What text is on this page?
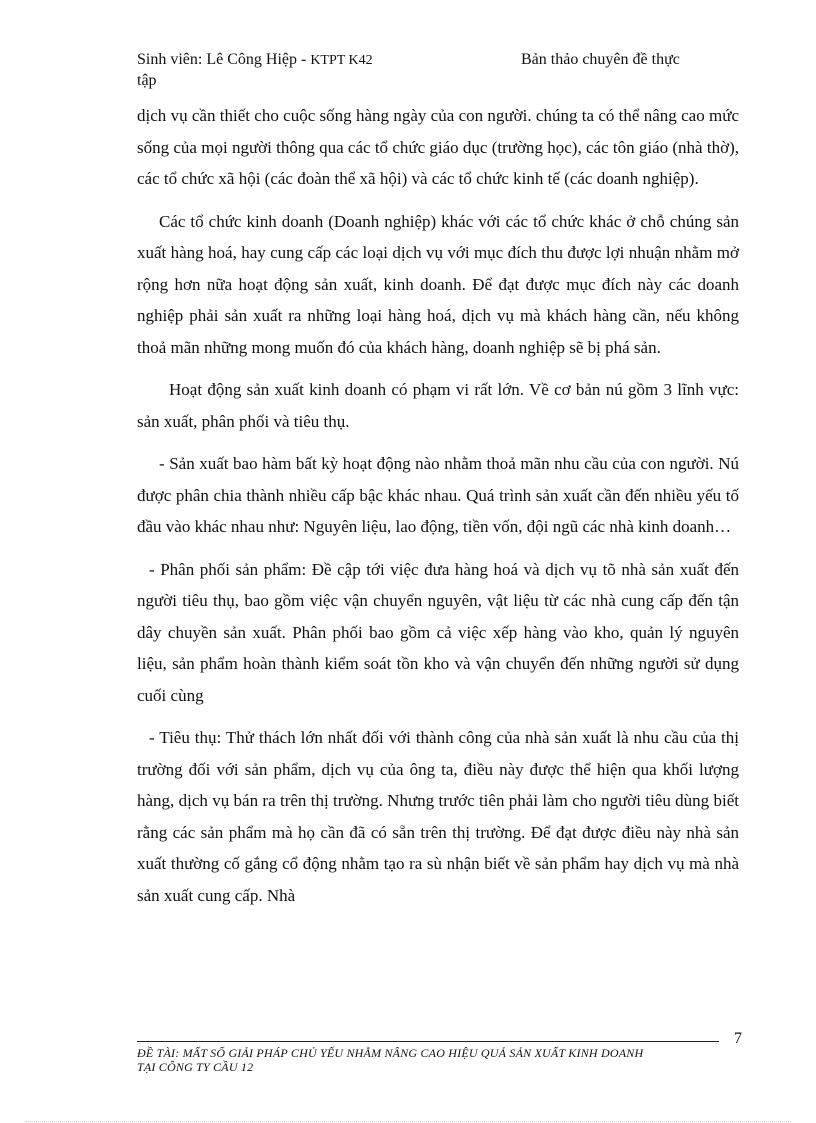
Sinh viên: Lê Công Hiệp - KTPT K42	Bản thảo chuyên đề thực
tập

dịch vụ cần thiết cho cuộc sống hàng ngày của con người. chúng ta có thể nâng cao mức sống của mọi người thông qua các tổ chức giáo dục (trường học), các tôn giáo (nhà thờ), các tổ chức xã hội (các đoàn thể xã hội) và các tổ chức kinh tế (các doanh nghiệp).

Các tổ chức kinh doanh (Doanh nghiệp) khác với các tổ chức khác ở chỗ chúng sản xuất hàng hoá, hay cung cấp các loại dịch vụ với mục đích thu được lợi nhuận nhằm mở rộng hơn nữa hoạt động sản xuất, kinh doanh. Để đạt được mục đích này các doanh nghiệp phải sản xuất ra những loại hàng hoá, dịch vụ mà khách hàng cần, nếu không thoả mãn những mong muốn đó của khách hàng, doanh nghiệp sẽ bị phá sản.

Hoạt động sản xuất kinh doanh có phạm vi rất lớn. Về cơ bản nú gồm 3 lĩnh vực: sản xuất, phân phối và tiêu thụ.

- Sản xuất bao hàm bất kỳ hoạt động nào nhằm thoả mãn nhu cầu của con người. Nú được phân chia thành nhiều cấp bậc khác nhau. Quá trình sản xuất cần đến nhiều yếu tố đầu vào khác nhau như: Nguyên liệu, lao động, tiền vốn, đội ngũ các nhà kinh doanh…

- Phân phối sản phẩm: Đề cập tới việc đưa hàng hoá và dịch vụ tõ nhà sản xuất đến người tiêu thụ, bao gồm việc vận chuyển nguyên, vật liệu từ các nhà cung cấp đến tận dây chuyền sản xuất. Phân phối bao gồm cả việc xếp hàng vào kho, quản lý nguyên liệu, sản phẩm hoàn thành kiểm soát tồn kho và vận chuyển đến những người sử dụng cuối cùng

- Tiêu thụ: Thử thách lớn nhất đối với thành công của nhà sản xuất là nhu cầu của thị trường đối với sản phẩm, dịch vụ của ông ta, điều này được thể hiện qua khối lượng hàng, dịch vụ bán ra trên thị trường. Nhưng trước tiên phải làm cho người tiêu dùng biết rằng các sản phẩm mà họ cần đã có sẵn trên thị trường. Để đạt được điều này nhà sản xuất thường cố gắng cổ động nhằm tạo ra sù nhận biết về sản phẩm hay dịch vụ mà nhà sản xuất cung cấp. Nhà

7
ĐỀ TÀI: MẤT SỐ GIẢI PHÁP CHỦ YẾU NHẰM NÂNG CAO HIỆU QUẢ SẢN XUẤT KINH DOANH
TẠI CÔNG TY CẦU 12
